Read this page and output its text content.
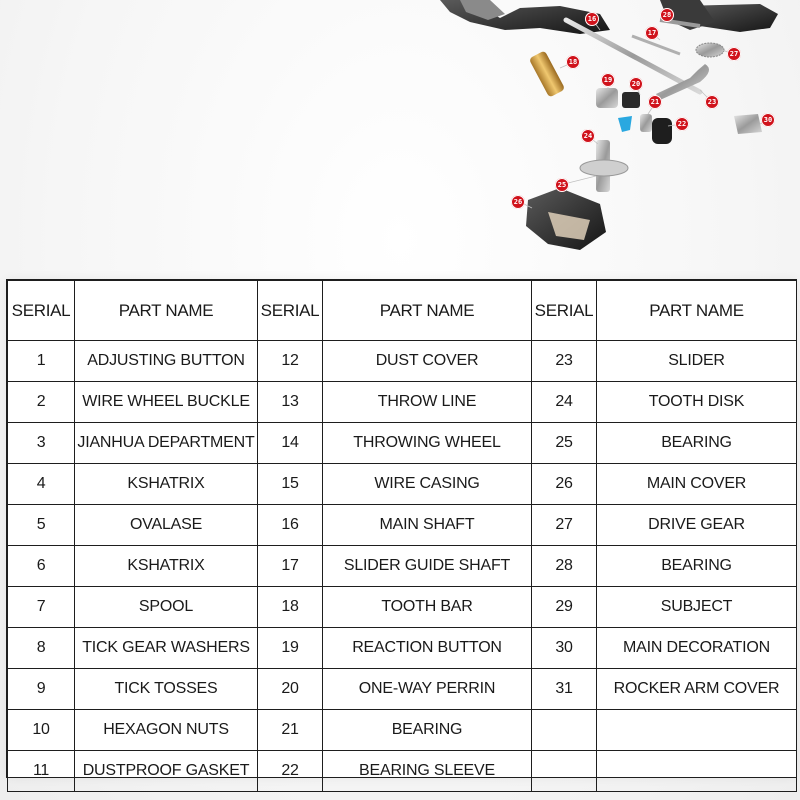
16
17
18
19	20
21
22
23
24
25
26
27
28
30
SERIAL	PART NAME	SERIAL	PART NAME	SERIAL	PART NAME
1	ADJUSTING BUTTON	12	DUST COVER	23	SLIDER
2	WIRE WHEEL BUCKLE	13	THROW LINE	24	TOOTH DISK
3	JIANHUA DEPARTMENT	14	THROWING WHEEL	25	BEARING
4	KSHATRIX	15	WIRE CASING	26	MAIN COVER
5	OVALASE	16	MAIN SHAFT	27	DRIVE GEAR
6	KSHATRIX	17	SLIDER GUIDE SHAFT	28	BEARING
7	SPOOL	18	TOOTH BAR	29	SUBJECT
8	TICK GEAR WASHERS	19	REACTION BUTTON	30	MAIN DECORATION
9	TICK TOSSES	20	ONE-WAY PERRIN	31	ROCKER ARM COVER
10	HEXAGON NUTS	21	BEARING		
11	DUSTPROOF GASKET	22	BEARING SLEEVE		
